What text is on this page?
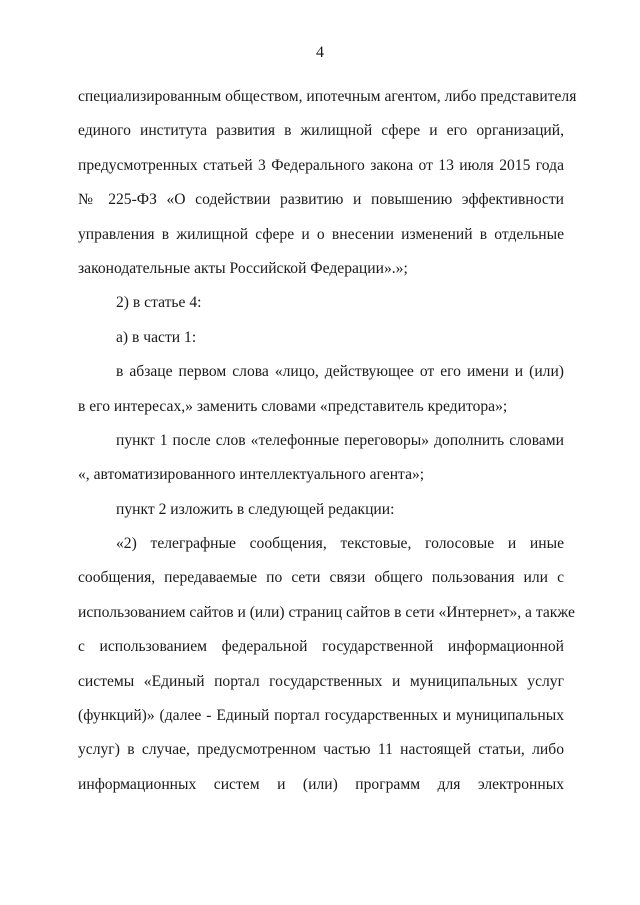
4
специализированным обществом, ипотечным агентом, либо представителя
единого института развития в жилищной сфере и его организаций,
предусмотренных статьей 3 Федерального закона от 13 июля 2015 года
№ 225-ФЗ «О содействии развитию и повышению эффективности
управления в жилищной сфере и о внесении изменений в отдельные
законодательные акты Российской Федерации».»;
2) в статье 4:
а) в части 1:
в абзаце первом слова «лицо, действующее от его имени и (или)
в его интересах,» заменить словами «представитель кредитора»;
пункт 1 после слов «телефонные переговоры» дополнить словами
«, автоматизированного интеллектуального агента»;
пункт 2 изложить в следующей редакции:
«2) телеграфные сообщения, текстовые, голосовые и иные
сообщения, передаваемые по сети связи общего пользования или с
использованием сайтов и (или) страниц сайтов в сети «Интернет», а также
с использованием федеральной государственной информационной
системы «Единый портал государственных и муниципальных услуг
(функций)» (далее - Единый портал государственных и муниципальных
услуг) в случае, предусмотренном частью 11 настоящей статьи, либо
информационных систем и (или) программ для электронных
